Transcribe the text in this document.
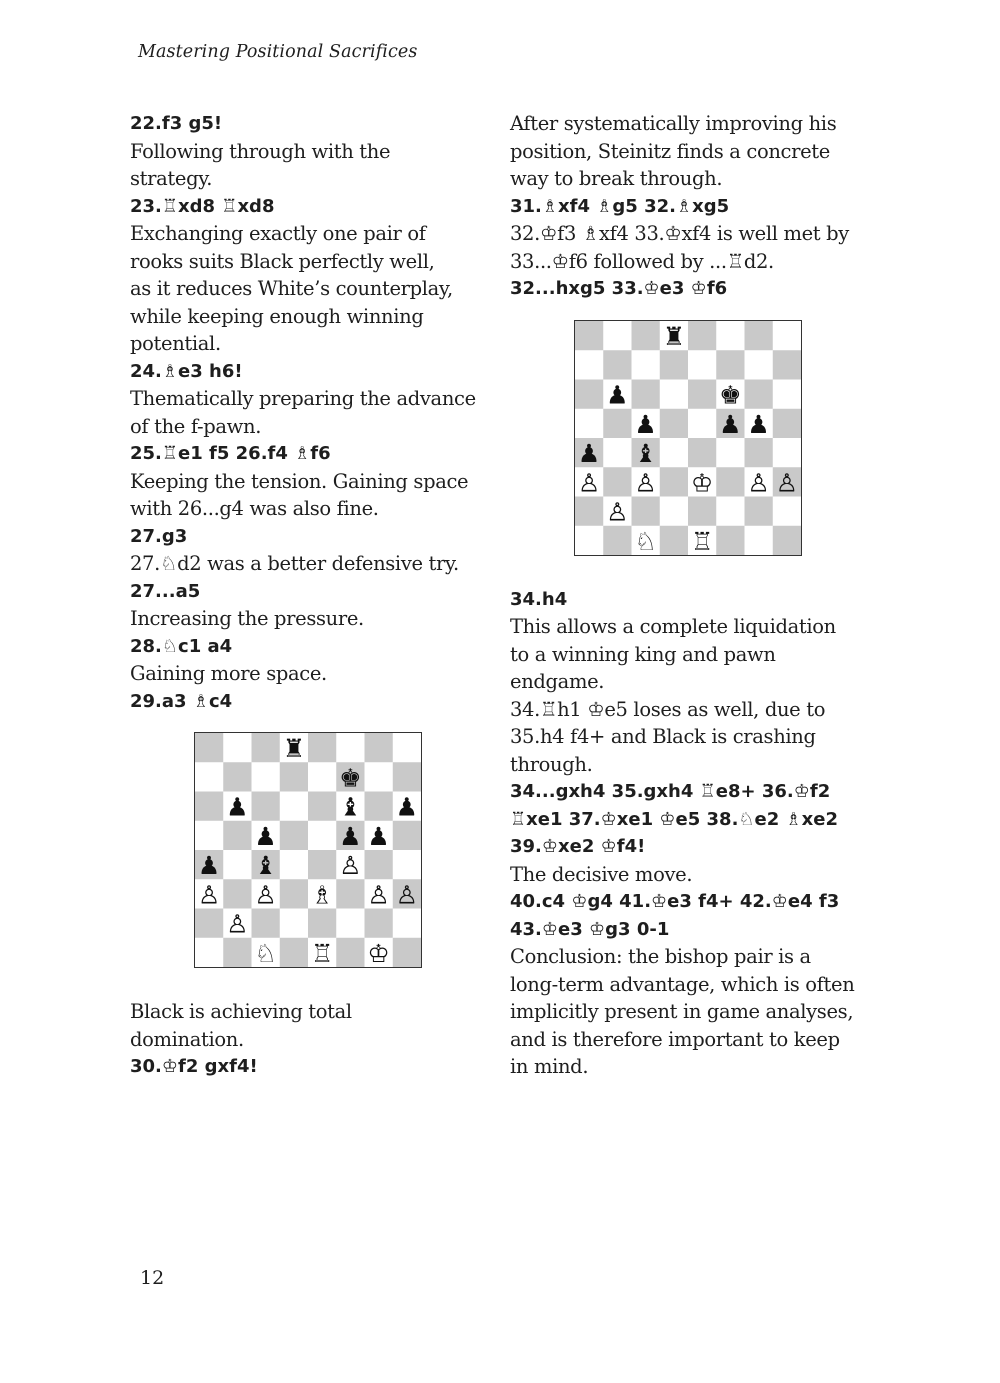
Mastering Positional Sacrifices
22.f3 g5!
Following through with the
strategy.
23.♖xd8 ♖xd8
Exchanging exactly one pair of
rooks suits Black perfectly well,
as it reduces White’s counterplay,
while keeping enough winning
potential.
24.♗e3 h6!
Thematically preparing the advance
of the f-pawn.
25.♖e1 f5 26.f4 ♗f6
Keeping the tension. Gaining space
with 26...g4 was also fine.
27.g3
27.♘d2 was a better defensive try.
27...a5
Increasing the pressure.
28.♘c1 a4
Gaining more space.
29.a3 ♗c4
♜
♚
♟	♝ ♟
♟ ♟ ♟
♟ ♝ ♙
♙ ♙ ♗ ♙ ♙
♙
♘ ♖ ♔
Black is achieving total
domination.
30.♔f2 gxf4!
After systematically improving his
position, Steinitz finds a concrete
way to break through.
31.♗xf4 ♗g5 32.♗xg5
32.♔f3 ♗xf4 33.♔xf4 is well met by
33...♔f6 followed by ...♖d2.
32...hxg5 33.♔e3 ♔f6
♜
♟	♚
♟ ♟ ♟
♟ ♝
♙ ♙ ♔ ♙ ♙
♙
♘ ♖
34.h4
This allows a complete liquidation
to a winning king and pawn
endgame.
34.♖h1 ♔e5 loses as well, due to
35.h4 f4+ and Black is crashing
through.
34...gxh4 35.gxh4 ♖e8+ 36.♔f2
♖xe1 37.♔xe1 ♔e5 38.♘e2 ♗xe2
39.♔xe2 ♔f4!
The decisive move.
40.c4 ♔g4 41.♔e3 f4+ 42.♔e4 f3
43.♔e3 ♔g3 0-1
Conclusion: the bishop pair is a
long-term advantage, which is often
implicitly present in game analyses,
and is therefore important to keep
in mind.
12
